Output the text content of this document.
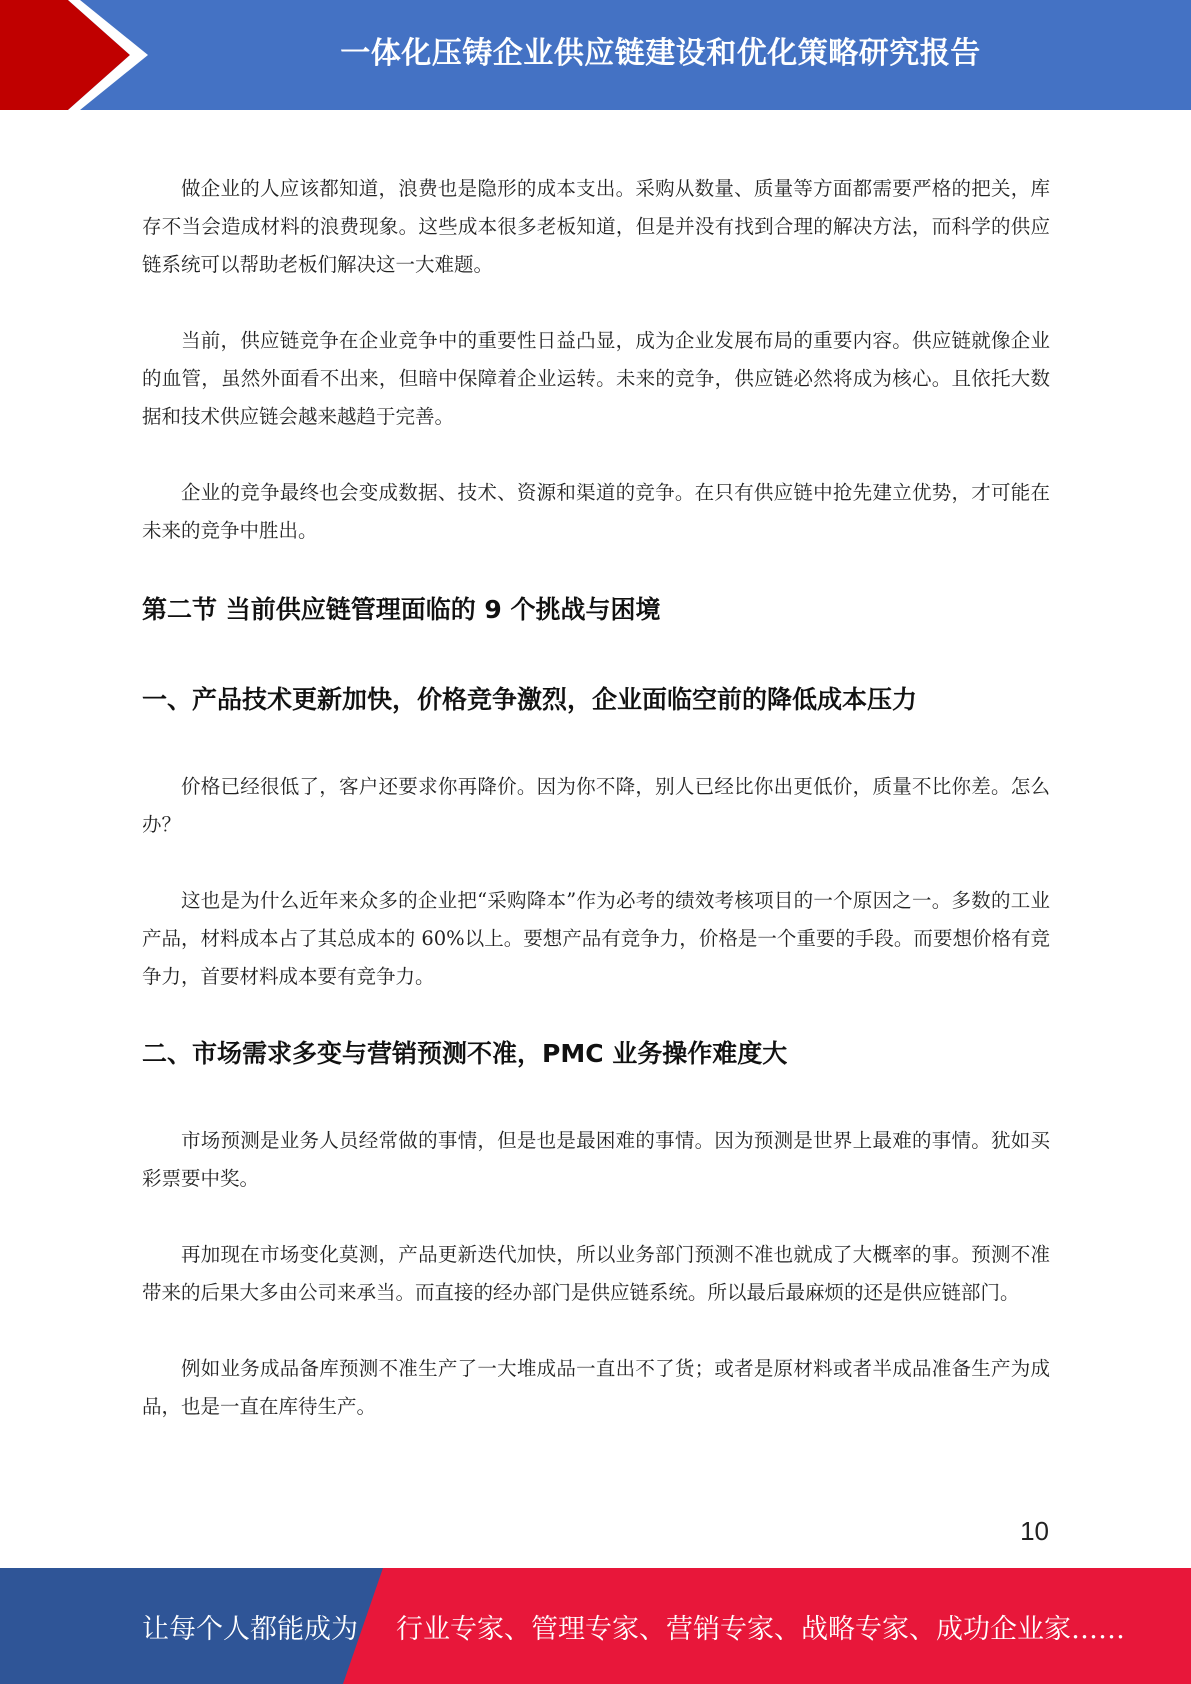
一体化压铸企业供应链建设和优化策略研究报告

做企业的人应该都知道，浪费也是隐形的成本支出。采购从数量、质量等方面都需要严格的把关，库存不当会造成材料的浪费现象。这些成本很多老板知道，但是并没有找到合理的解决方法，而科学的供应链系统可以帮助老板们解决这一大难题。

当前，供应链竞争在企业竞争中的重要性日益凸显，成为企业发展布局的重要内容。供应链就像企业的血管，虽然外面看不出来，但暗中保障着企业运转。未来的竞争，供应链必然将成为核心。且依托大数据和技术供应链会越来越趋于完善。

企业的竞争最终也会变成数据、技术、资源和渠道的竞争。在只有供应链中抢先建立优势，才可能在未来的竞争中胜出。

第二节 当前供应链管理面临的 9 个挑战与困境
一、产品技术更新加快，价格竞争激烈，企业面临空前的降低成本压力

价格已经很低了，客户还要求你再降价。因为你不降，别人已经比你出更低价，质量不比你差。怎么办？

这也是为什么近年来众多的企业把“采购降本”作为必考的绩效考核项目的一个原因之一。多数的工业产品，材料成本占了其总成本的 60%以上。要想产品有竞争力，价格是一个重要的手段。而要想价格有竞争力，首要材料成本要有竞争力。

二、市场需求多变与营销预测不准，PMC 业务操作难度大

市场预测是业务人员经常做的事情，但是也是最困难的事情。因为预测是世界上最难的事情。犹如买彩票要中奖。

再加现在市场变化莫测，产品更新迭代加快，所以业务部门预测不准也就成了大概率的事。预测不准带来的后果大多由公司来承当。而直接的经办部门是供应链系统。所以最后最麻烦的还是供应链部门。

例如业务成品备库预测不准生产了一大堆成品一直出不了货；或者是原材料或者半成品准备生产为成品，也是一直在库待生产。

10
让每个人都能成为 行业专家、管理专家、营销专家、战略专家、成功企业家……
